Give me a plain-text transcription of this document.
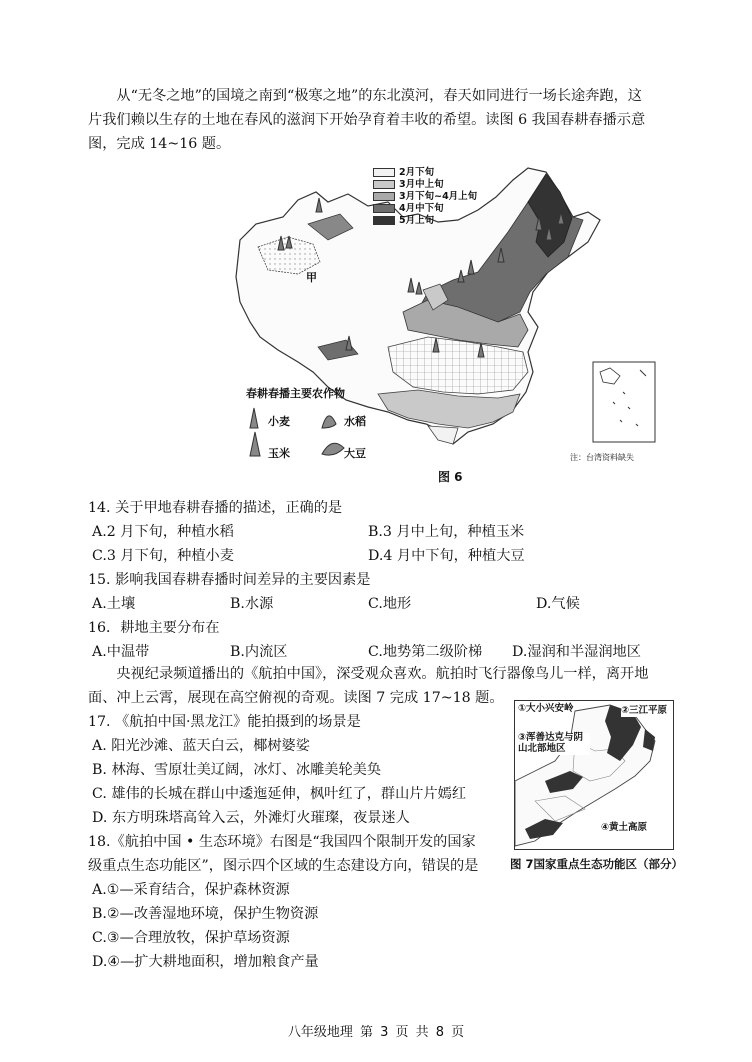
从“无冬之地”的国境之南到“极寒之地”的东北漠河，春天如同进行一场长途奔跑，这
片我们赖以生存的土地在春风的滋润下开始孕育着丰收的希望。读图 6 我国春耕春播示意
图，完成 14~16 题。
2月下旬
3月中上旬
3月下旬~4月上旬
4月中下旬
5月上旬
甲
春耕春播主要农作物
小麦	水稻
玉米	大豆	注：台湾资料缺失
图 6
14. 关于甲地春耕春播的描述，正确的是
A.2 月下旬，种植水稻	B.3 月中上旬，种植玉米
C.3 月下旬，种植小麦	D.4 月中下旬，种植大豆
15. 影响我国春耕春播时间差异的主要因素是
A.土壤	B.水源	C.地形	D.气候
16．耕地主要分布在
A.中温带	B.内流区	C.地势第二级阶梯 D.湿润和半湿润地区
央视纪录频道播出的《航拍中国》，深受观众喜欢。航拍时飞行器像鸟儿一样，离开地
面、冲上云霄，展现在高空俯视的奇观。读图 7 完成 17~18 题。
17. 《航拍中国·黑龙江》能拍摄到的场景是
A. 阳光沙滩、蓝天白云，椰树婆娑
B. 林海、雪原壮美辽阔，冰灯、冰雕美轮美奂
C. 雄伟的长城在群山中逶迤延伸，枫叶红了，群山片片嫣红
D. 东方明珠塔高耸入云，外滩灯火璀璨，夜景迷人
18.《航拍中国 • 生态环境》右图是“我国四个限制开发的国家
级重点生态功能区”，图示四个区域的生态建设方向，错误的是
A.①—采育结合，保护森林资源
B.②—改善湿地环境，保护生物资源
C.③—合理放牧，保护草场资源
D.④—扩大耕地面积，增加粮食产量
①大小兴安岭	②三江平原
③浑善达克与阴山北部地区
④黄土高原
图 7国家重点生态功能区（部分）
八年级地理 第 3 页 共 8 页
